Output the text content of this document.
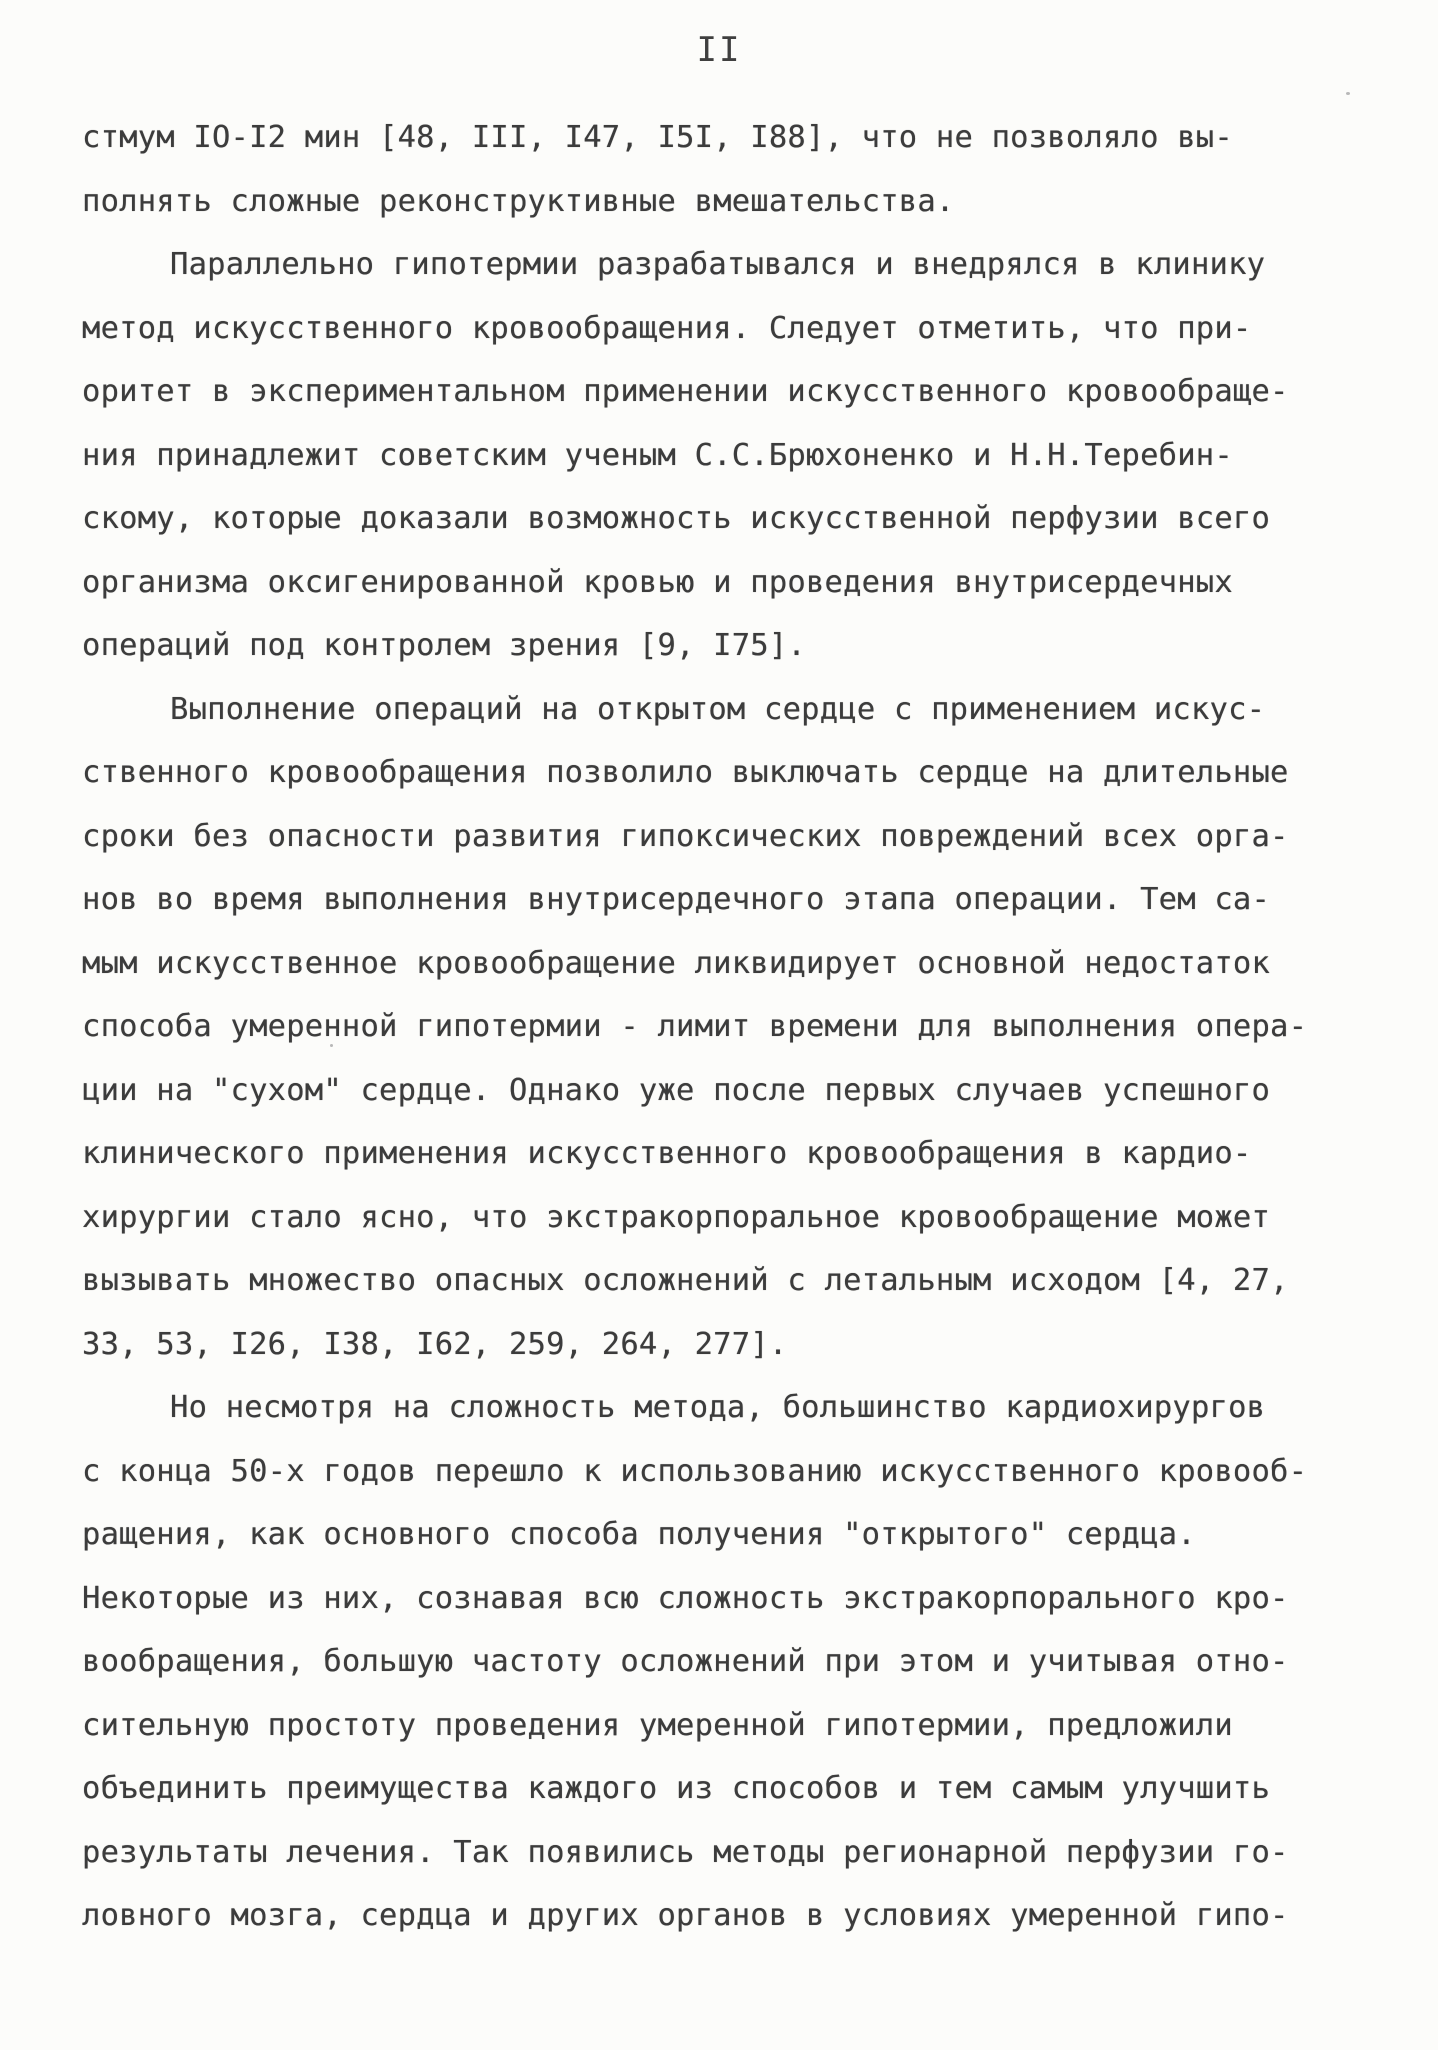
II
стмум IO-I2 мин [48, III, I47, I5I, I88], что не позволяло вы-
полнять сложные реконструктивные вмешательства.
Параллельно гипотермии разрабатывался и внедрялся в клинику
метод искусственного кровообращения. Следует отметить, что при-
оритет в экспериментальном применении искусственного кровообраще-
ния принадлежит советским ученым С.С.Брюхоненко и Н.Н.Теребин-
скому, которые доказали возможность искусственной перфузии всего
организма оксигенированной кровью и проведения внутрисердечных
операций под контролем зрения [9, I75].
Выполнение операций на открытом сердце с применением искус-
ственного кровообращения позволило выключать сердце на длительные
сроки без опасности развития гипоксических повреждений всех орга-
нов во время выполнения внутрисердечного этапа операции. Тем са-
мым искусственное кровообращение ликвидирует основной недостаток
способа умеренной гипотермии - лимит времени для выполнения опера-
ции на "сухом" сердце. Однако уже после первых случаев успешного
клинического применения искусственного кровообращения в кардио-
хирургии стало ясно, что экстракорпоральное кровообращение может
вызывать множество опасных осложнений с летальным исходом [4, 27,
33, 53, I26, I38, I62, 259, 264, 277].
Но несмотря на сложность метода, большинство кардиохирургов
с конца 50-х годов перешло к использованию искусственного кровооб-
ращения, как основного способа получения "открытого" сердца.
Некоторые из них, сознавая всю сложность экстракорпорального кро-
вообращения, большую частоту осложнений при этом и учитывая отно-
сительную простоту проведения умеренной гипотермии, предложили
объединить преимущества каждого из способов и тем самым улучшить
результаты лечения. Так появились методы регионарной перфузии го-
ловного мозга, сердца и других органов в условиях умеренной гипо-
